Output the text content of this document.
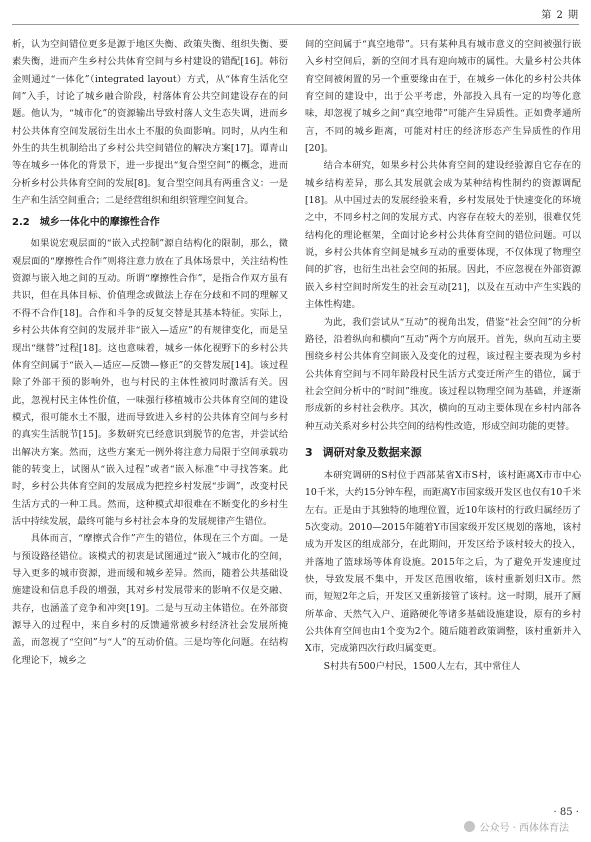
第 2 期

析，认为空间错位更多是源于地区失衡、政策失衡、组织失衡、要素失衡，进而产生乡村公共体育空间与乡村建设的错配[16]。韩衍金则通过“一体化”（integrated layout）方式，从“体育生活化空间”入手，讨论了城乡融合阶段，村落体育公共空间建设存在的问题。他认为，“城市化”的资源输出导致村落人文生态失调，进而乡村公共体育空间发展衍生出水土不服的负面影响。同时，从内生和外生的共生机制给出了乡村公共空间错位的解决方案[17]。谭青山等在城乡一体化的背景下，进一步提出“复合型空间”的概念，进而分析乡村公共体育空间的发展[8]。复合型空间具有两重含义：一是生产和生活空间重合；二是经营组织和组织管理空间复合。

2.2 城乡一体化中的摩擦性合作

如果说宏观层面的“嵌入式控制”源自结构化的限制，那么，微观层面的“摩擦性合作”则将注意力放在了具体场景中，关注结构性资源与嵌入地之间的互动。所谓“摩擦性合作”，是指合作双方虽有共识，但在具体目标、价值理念或做法上存在分歧和不同的理解又不得不合作[18]。合作和斗争的反复交替是其基本特征。实际上，乡村公共体育空间的发展并非“嵌入—适应”的有规律变化，而是呈现出“继替”过程[18]。这也意味着，城乡一体化视野下的乡村公共体育空间属于“嵌入—适应—反馈—修正”的交替发展[14]。该过程除了外部干预的影响外，也与村民的主体性被同时激活有关。因此，忽视村民主体性价值，一味强行移植城市公共体育空间的建设模式，很可能水土不服，进而导致进入乡村的公共体育空间与乡村的真实生活脱节[15]。多数研究已经意识到脱节的危害，并尝试给出解决方案。然而，这些方案无一例外将注意力局限于空间承载功能的转变上，试图从“嵌入过程”或者“嵌入标准”中寻找答案。此时，乡村公共体育空间的发展成为把控乡村发展“步调”，改变村民生活方式的一种工具。然而，这种模式却很难在不断变化的乡村生活中持续发展，最终可能与乡村社会本身的发展规律产生错位。

具体而言，“摩擦式合作”产生的错位，体现在三个方面。一是与预设路径错位。该模式的初衷是试图通过“嵌入”城市化的空间，导入更多的城市资源，进而缓和城乡差异。然而，随着公共基础设施建设和信息手段的增强，其对乡村发展带来的影响不仅是交融、共存，也涵盖了竞争和冲突[19]。二是与互动主体错位。在外部资源导入的过程中，来自乡村的反馈通常被乡村经济社会发展所掩盖，而忽视了“空间”与“人”的互动价值。三是均等化问题。在结构化理论下，城乡之

间的空间属于“真空地带”。只有某种具有城市意义的空间被强行嵌入乡村空间后，新的空间才具有迎向城市的属性。大量乡村公共体育空间被闲置的另一个重要缘由在于，在城乡一体化的乡村公共体育空间的建设中，出于公平考虑，外部投入具有一定的均等化意味，却忽视了城乡之间“真空地带”可能产生异质性。正如费孝通所言，不同的城乡距离，可能对村庄的经济形态产生异质性的作用[20]。

结合本研究，如果乡村公共体育空间的建设经验源自它存在的城乡结构差异，那么其发展就会成为某种结构性制约的资源调配[18]。从中国过去的发展经验来看，乡村发展处于快速变化的环境之中，不同乡村之间的发展方式、内容存在较大的差别，很难仅凭结构化的理论框架，全面讨论乡村公共体育空间的错位问题。可以说，乡村公共体育空间是城乡互动的重要体现，不仅体现了物理空间的扩容，也衍生出社会空间的拓展。因此，不应忽视在外部资源嵌入乡村空间时所发生的社会互动[21]，以及在互动中产生实践的主体性构建。

为此，我们尝试从“互动”的视角出发，借鉴“社会空间”的分析路径，沿着纵向和横向“互动”两个方向展开。首先，纵向互动主要围绕乡村公共体育空间嵌入及变化的过程，该过程主要表现为乡村公共体育空间与不同年龄段村民生活方式变迁所产生的错位，属于社会空间分析中的“时间”维度。该过程以物理空间为基础，并逐渐形成新的乡村社会秩序。其次，横向的互动主要体现在乡村内部各种互动关系对乡村公共空间的结构性改造，形成空间功能的更替。

3 调研对象及数据来源

本研究调研的S村位于西部某省X市S村，该村距离X市市中心10千米，大约15分钟车程，而距离Y市国家级开发区也仅有10千米左右。正是由于其独特的地理位置，近10年该村的行政归属经历了5次变动。2010—2015年随着Y市国家级开发区规划的落地，该村成为开发区的组成部分，在此期间，开发区给予该村较大的投入，并落地了篮球场等体育设施。2015年之后，为了避免开发速度过快，导致发展不集中，开发区范围收缩，该村重新划归X市。然而，短短2年之后，开发区又重新接管了该村。这一时期，展开了厕所革命、天然气入户、道路硬化等诸多基础设施建设，原有的乡村公共体育空间也由1个变为2个。随后随着政策调整，该村重新并入X市，完成第四次行政归属变更。

S村共有500户村民，1500人左右，其中常住人

公众号 · 西体体育法
· 85 ·
